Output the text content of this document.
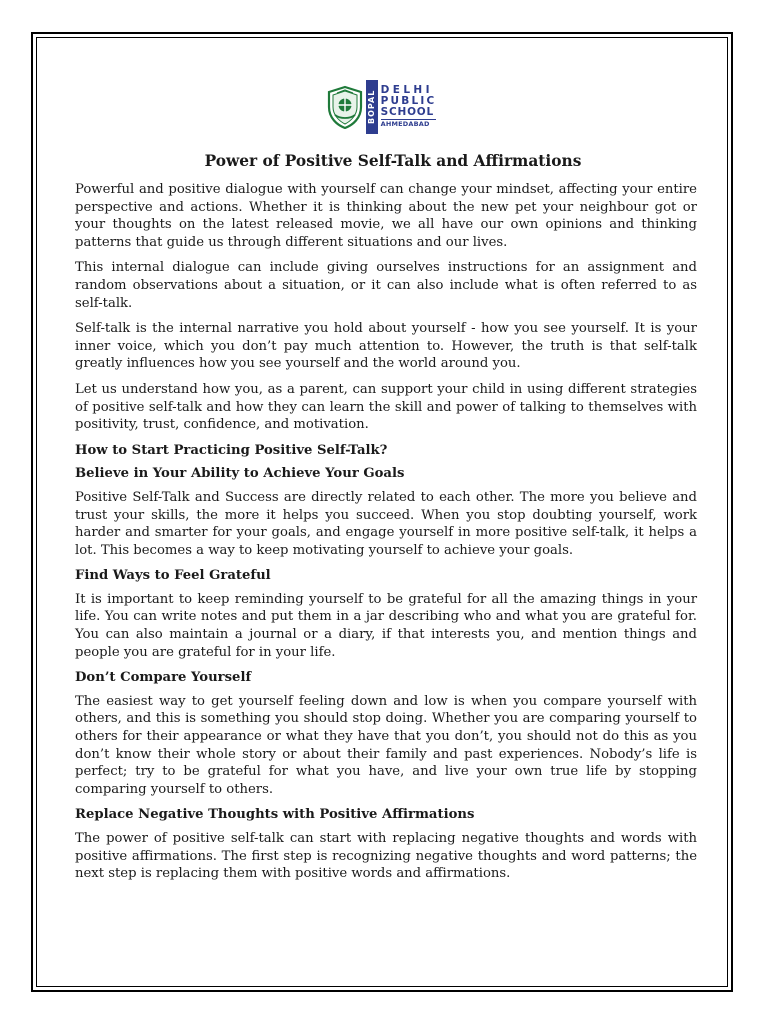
BOPAL DELHI
PUBLIC
SCHOOL
AHMEDABAD
Power of Positive Self-Talk and Affirmations

Powerful and positive dialogue with yourself can change your mindset, affecting your entire perspective and actions. Whether it is thinking about the new pet your neighbour got or your thoughts on the latest released movie, we all have our own opinions and thinking patterns that guide us through different situations and our lives.

This internal dialogue can include giving ourselves instructions for an assignment and random observations about a situation, or it can also include what is often referred to as self-talk.

Self-talk is the internal narrative you hold about yourself - how you see yourself. It is your inner voice, which you don’t pay much attention to. However, the truth is that self-talk greatly influences how you see yourself and the world around you.

Let us understand how you, as a parent, can support your child in using different strategies of positive self-talk and how they can learn the skill and power of talking to themselves with positivity, trust, confidence, and motivation.

How to Start Practicing Positive Self-Talk?
Believe in Your Ability to Achieve Your Goals

Positive Self-Talk and Success are directly related to each other. The more you believe and trust your skills, the more it helps you succeed. When you stop doubting yourself, work harder and smarter for your goals, and engage yourself in more positive self-talk, it helps a lot. This becomes a way to keep motivating yourself to achieve your goals.

Find Ways to Feel Grateful

It is important to keep reminding yourself to be grateful for all the amazing things in your life. You can write notes and put them in a jar describing who and what you are grateful for. You can also maintain a journal or a diary, if that interests you, and mention things and people you are grateful for in your life.

Don’t Compare Yourself

The easiest way to get yourself feeling down and low is when you compare yourself with others, and this is something you should stop doing. Whether you are comparing yourself to others for their appearance or what they have that you don’t, you should not do this as you don’t know their whole story or about their family and past experiences. Nobody’s life is perfect; try to be grateful for what you have, and live your own true life by stopping comparing yourself to others.

Replace Negative Thoughts with Positive Affirmations

The power of positive self-talk can start with replacing negative thoughts and words with positive affirmations. The first step is recognizing negative thoughts and word patterns; the next step is replacing them with positive words and affirmations.
